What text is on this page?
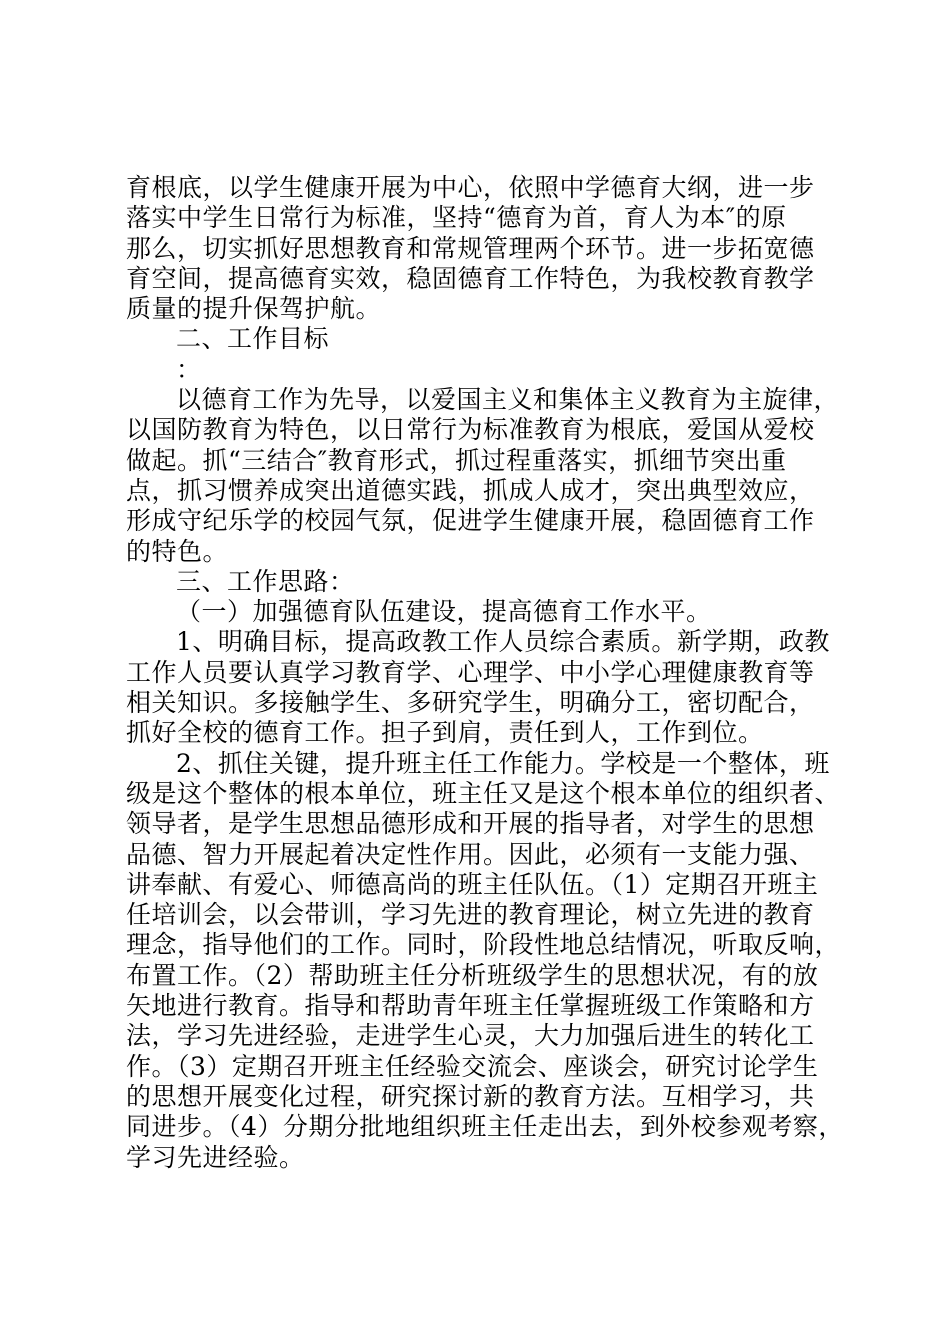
育根底，以学生健康开展为中心，依照中学德育大纲，进一步
落实中学生日常行为标准，坚持“德育为首，育人为本″的原
那么，切实抓好思想教育和常规管理两个环节。进一步拓宽德
育空间，提高德育实效，稳固德育工作特色，为我校教育教学
质量的提升保驾护航。
二、工作目标
：
以德育工作为先导，以爱国主义和集体主义教育为主旋律，
以国防教育为特色，以日常行为标准教育为根底，爱国从爱校
做起。抓“三结合″教育形式，抓过程重落实，抓细节突出重
点，抓习惯养成突出道德实践，抓成人成才，突出典型效应，
形成守纪乐学的校园气氛，促进学生健康开展，稳固德育工作
的特色。
三、工作思路：
（一）加强德育队伍建设，提高德育工作水平。
1、明确目标，提高政教工作人员综合素质。新学期，政教
工作人员要认真学习教育学、心理学、中小学心理健康教育等
相关知识。多接触学生、多研究学生，明确分工，密切配合，
抓好全校的德育工作。担子到肩，责任到人，工作到位。
2、抓住关键，提升班主任工作能力。学校是一个整体，班
级是这个整体的根本单位，班主任又是这个根本单位的组织者、
领导者，是学生思想品德形成和开展的指导者，对学生的思想
品德、智力开展起着决定性作用。因此，必须有一支能力强、
讲奉献、有爱心、师德高尚的班主任队伍。（1）定期召开班主
任培训会，以会带训，学习先进的教育理论，树立先进的教育
理念，指导他们的工作。同时，阶段性地总结情况，听取反响，
布置工作。（2）帮助班主任分析班级学生的思想状况，有的放
矢地进行教育。指导和帮助青年班主任掌握班级工作策略和方
法，学习先进经验，走进学生心灵，大力加强后进生的转化工
作。（3）定期召开班主任经验交流会、座谈会，研究讨论学生
的思想开展变化过程，研究探讨新的教育方法。互相学习，共
同进步。（4）分期分批地组织班主任走出去，到外校参观考察，
学习先进经验。
